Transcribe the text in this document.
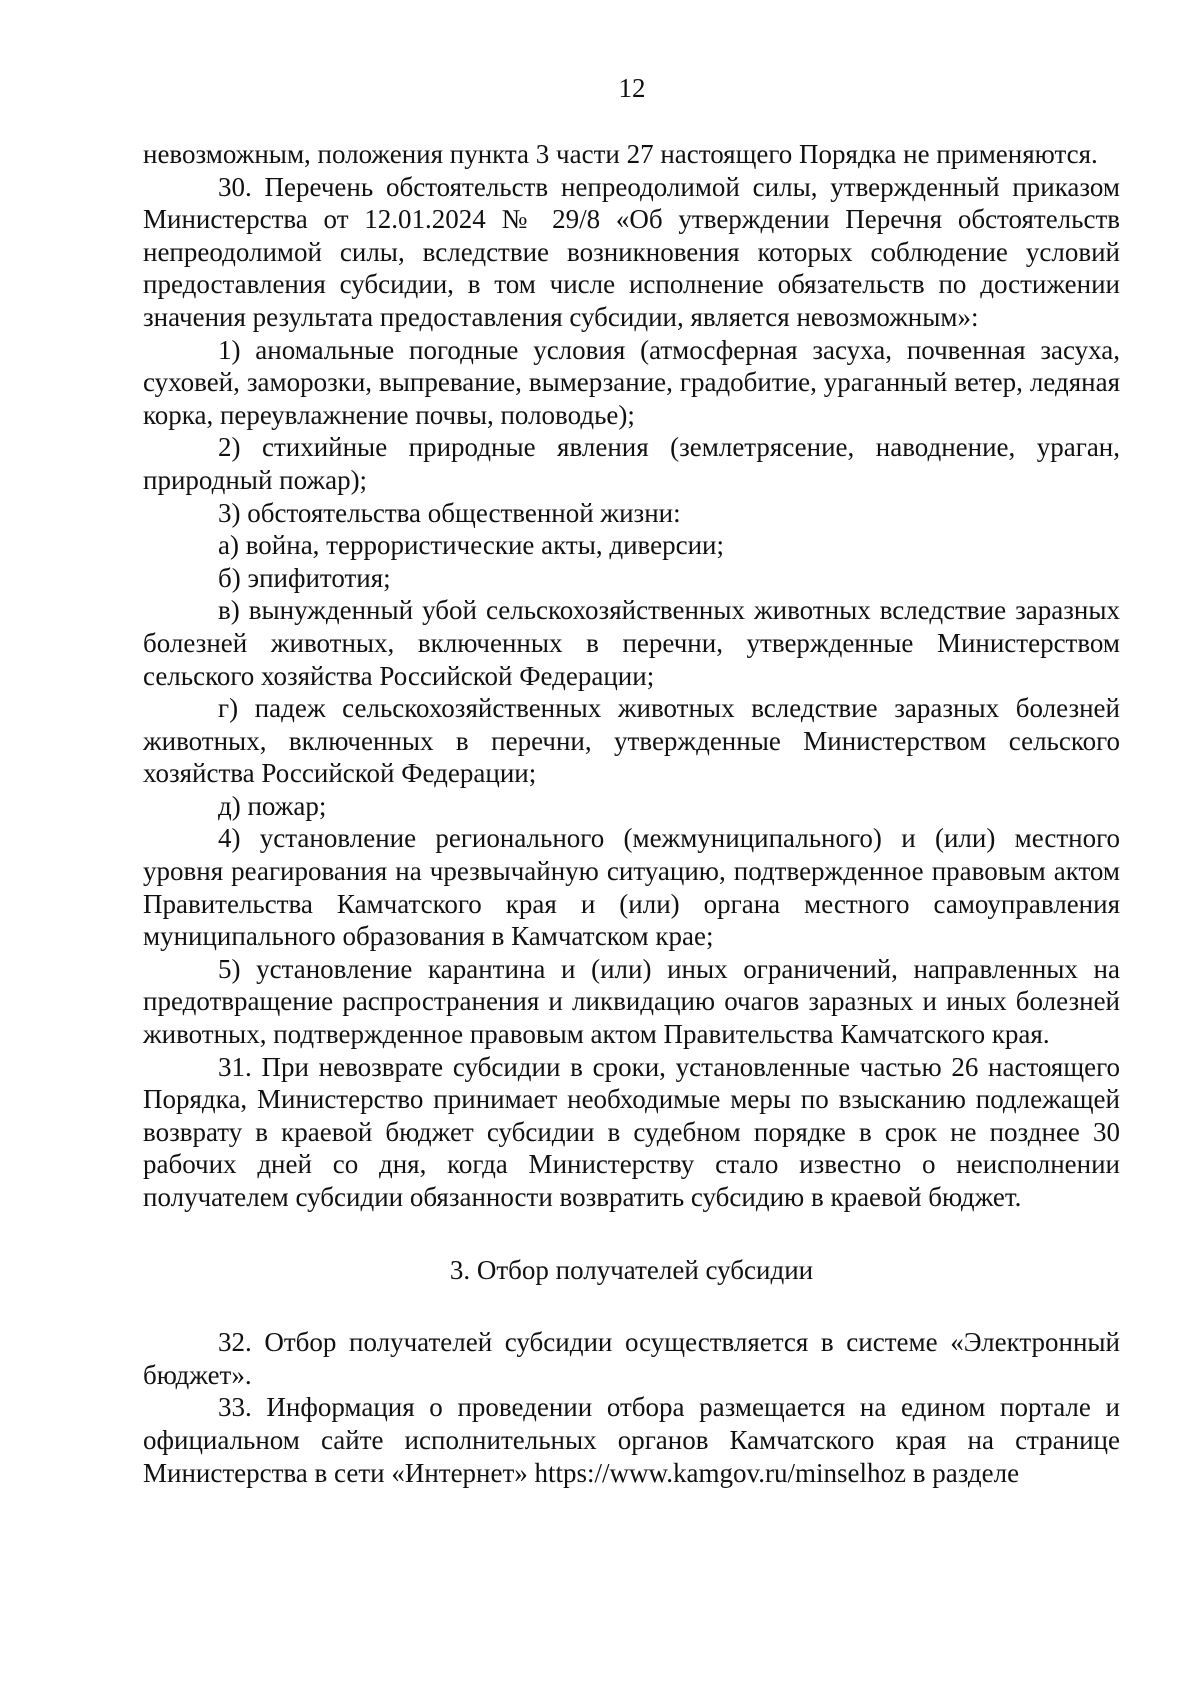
12

невозможным, положения пункта 3 части 27 настоящего Порядка не применяются.

30. Перечень обстоятельств непреодолимой силы, утвержденный приказом Министерства от 12.01.2024 № 29/8 «Об утверждении Перечня обстоятельств непреодолимой силы, вследствие возникновения которых соблюдение условий предоставления субсидии, в том числе исполнение обязательств по достижении значения результата предоставления субсидии, является невозможным»:

1) аномальные погодные условия (атмосферная засуха, почвенная засуха, суховей, заморозки, выпревание, вымерзание, градобитие, ураганный ветер, ледяная корка, переувлажнение почвы, половодье);

2) стихийные природные явления (землетрясение, наводнение, ураган, природный пожар);

3) обстоятельства общественной жизни:

а) война, террористические акты, диверсии;

б) эпифитотия;

в) вынужденный убой сельскохозяйственных животных вследствие заразных болезней животных, включенных в перечни, утвержденные Министерством сельского хозяйства Российской Федерации;

г) падеж сельскохозяйственных животных вследствие заразных болезней животных, включенных в перечни, утвержденные Министерством сельского хозяйства Российской Федерации;

д) пожар;

4) установление регионального (межмуниципального) и (или) местного уровня реагирования на чрезвычайную ситуацию, подтвержденное правовым актом Правительства Камчатского края и (или) органа местного самоуправления муниципального образования в Камчатском крае;

5) установление карантина и (или) иных ограничений, направленных на предотвращение распространения и ликвидацию очагов заразных и иных болезней животных, подтвержденное правовым актом Правительства Камчатского края.

31. При невозврате субсидии в сроки, установленные частью 26 настоящего Порядка, Министерство принимает необходимые меры по взысканию подлежащей возврату в краевой бюджет субсидии в судебном порядке в срок не позднее 30 рабочих дней со дня, когда Министерству стало известно о неисполнении получателем субсидии обязанности возвратить субсидию в краевой бюджет.

3. Отбор получателей субсидии

32. Отбор получателей субсидии осуществляется в системе «Электронный бюджет».

33. Информация о проведении отбора размещается на едином портале и официальном сайте исполнительных органов Камчатского края на странице Министерства в сети «Интернет» https://www.kamgov.ru/minselhoz в разделе
